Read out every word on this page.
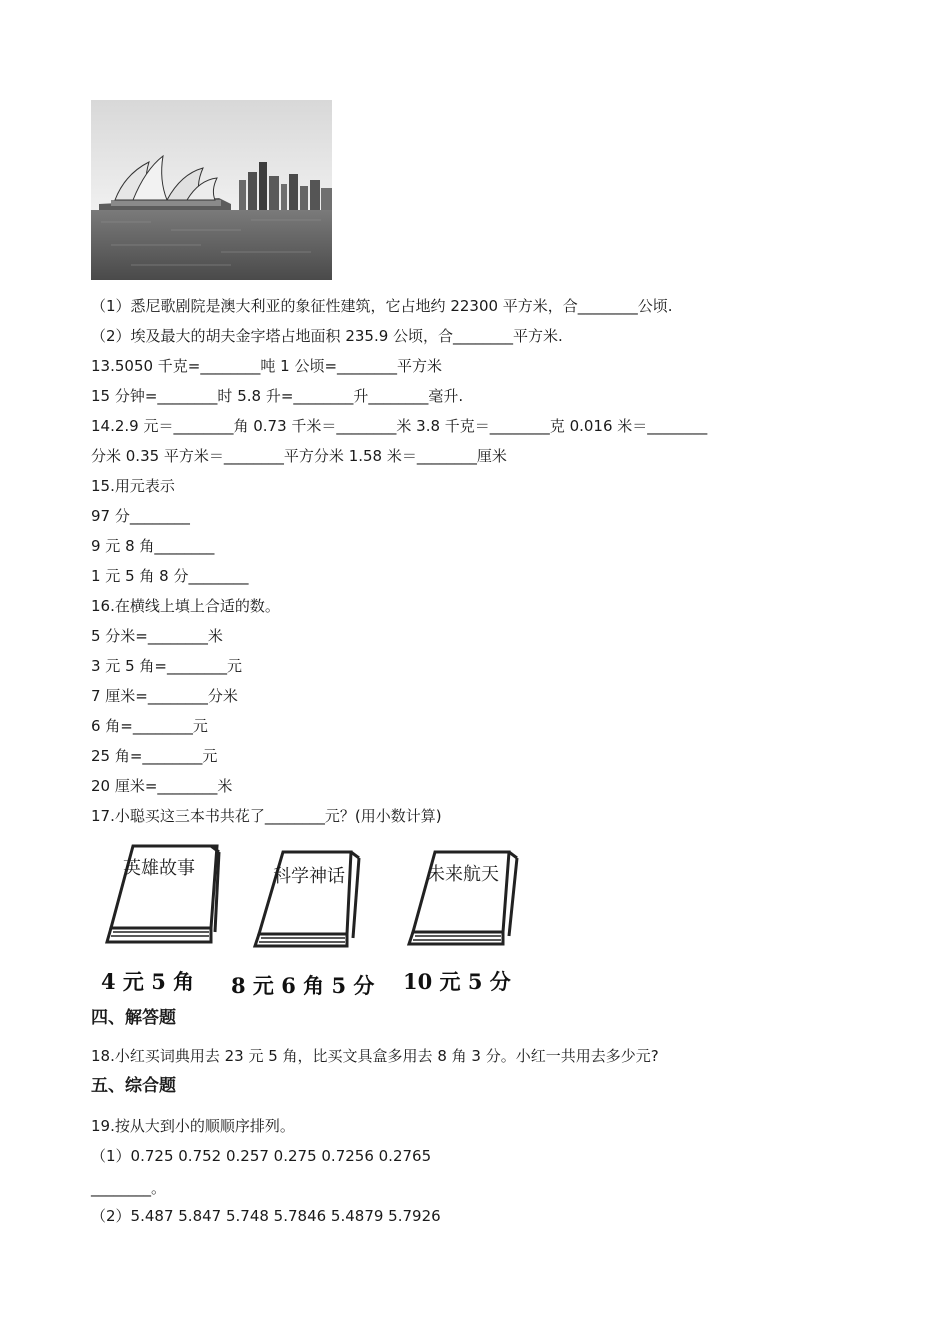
（1）悉尼歌剧院是澳大利亚的象征性建筑，它占地约 22300 平方米，合________公顷.
（2）埃及最大的胡夫金字塔占地面积 235.9 公顷，合________平方米.
13.5050 千克=________吨 1 公顷=________平方米
15 分钟=________时 5.8 升=________升________毫升.
14.2.9 元＝________角 0.73 千米＝________米 3.8 千克＝________克 0.016 米＝________
分米 0.35 平方米＝________平方分米 1.58 米＝________厘米
15.用元表示
97 分________
9 元 8 角________
1 元 5 角 8 分________
16.在横线上填上合适的数。
5 分米=________米
3 元 5 角=________元
7 厘米=________分米
6 角=________元
25 角=________元
20 厘米=________米
17.小聪买这三本书共花了________元？(用小数计算)
英雄故事
4 元 5 角
科学神话
8 元 6 角 5 分
未来航天
10 元 5 分
四、解答题
18.小红买词典用去 23 元 5 角，比买文具盒多用去 8 角 3 分。小红一共用去多少元?
五、综合题
19.按从大到小的顺顺序排列。
（1）0.725 0.752 0.257 0.275 0.7256 0.2765
________。
（2）5.487 5.847 5.748 5.7846 5.4879 5.7926
